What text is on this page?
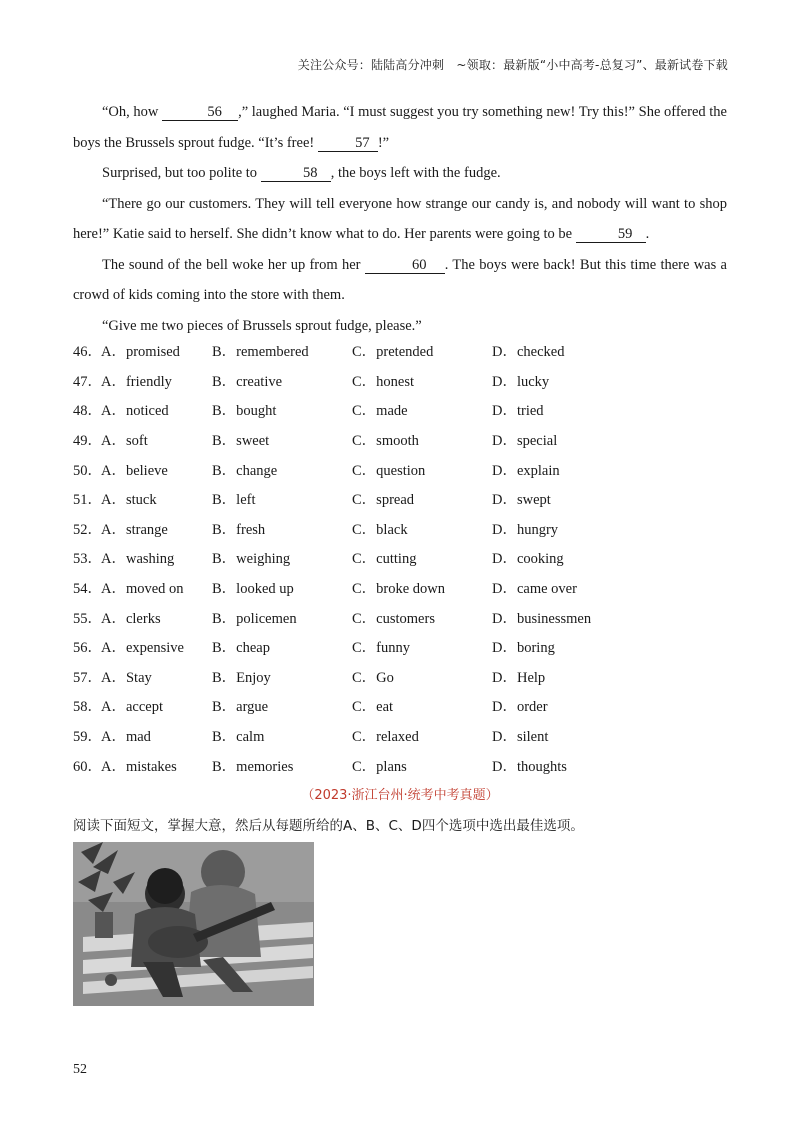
关注公众号：陆陆高分冲刺　~领取：最新版“小中高考-总复习”、最新试卷下载

“Oh, how	56 ,” laughed Maria. “I must suggest you try something new! Try this!” She offered the boys the Brussels sprout fudge. “It’s free!	57 !”

Surprised, but too polite to	58 , the boys left with the fudge.

“There go our customers. They will tell everyone how strange our candy is, and nobody will want to shop here!” Katie said to herself. She didn’t know what to do. Her parents were going to be	59 .

The sound of the bell woke her up from her	60 . The boys were back! But this time there was a crowd of kids coming into the store with them.

“Give me two pieces of Brussels sprout fudge, please.”

46． A．promised	B．remembered	C．pretended	D．checked
47． A．friendly	B．creative	C．honest	D．lucky
48． A．noticed	B．bought	C．made	D．tried
49． A．soft	B．sweet	C．smooth	D．special
50． A．believe	B．change	C．question	D．explain
51． A．stuck	B．left	C．spread	D．swept
52． A．strange	B．fresh	C．black	D．hungry
53． A．washing	B．weighing	C．cutting	D．cooking
54． A．moved on	B．looked up	C．broke down	D．came over
55． A．clerks	B．policemen	C．customers	D．businessmen
56． A．expensive	B．cheap	C．funny	D．boring
57． A．Stay	B．Enjoy	C．Go	D．Help
58． A．accept	B．argue	C．eat	D．order
59． A．mad	B．calm	C．relaxed	D．silent
60． A．mistakes	B．memories	C．plans	D．thoughts
（2023·浙江台州·统考中考真题）
阅读下面短文，掌握大意，然后从每题所给的A、B、C、D四个选项中选出最佳选项。
52
